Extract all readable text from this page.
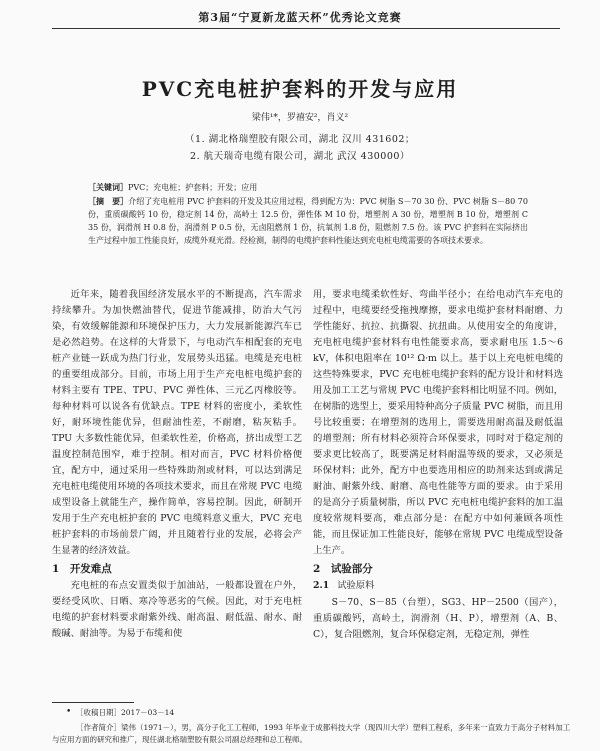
第3届“宁夏新龙蓝天杯”优秀论文竞赛
PVC充电桩护套料的开发与应用
梁伟¹*，罗禧安²，肖义²
（1. 湖北格瑞塑胶有限公司，湖北 汉川 431602；
2. 航天瑞奇电缆有限公司，湖北 武汉 430000）
［关键词］PVC；充电桩；护套料；开发；应用
［摘　要］介绍了充电桩用 PVC 护套料的开发及其应用过程，得到配方为：PVC 树脂 S－70 30 份、PVC 树脂 S－80 70 份，重质碳酸钙 10 份，稳定剂 14 份，高岭土 12.5 份，弹性体 M 10 份，增塑剂 A 30 份，增塑剂 B 10 份，增塑剂 C 35 份，润滑剂 H 0.8 份，润滑剂 P 0.5 份，无卤阻燃剂 1 份，抗氧剂 1.8 份，阻燃剂 7.5 份。该 PVC 护套料在实际挤出生产过程中加工性能良好，成缆外观光滑。经检测，制得的电缆护套料性能达到充电桩电缆需要的各项技术要求。

近年来，随着我国经济发展水平的不断提高，汽车需求持续攀升。为加快燃油替代，促进节能减排，防治大气污染，有效缓解能源和环境保护压力，大力发展新能源汽车已是必然趋势。在这样的大背景下，与电动汽车相配套的充电桩产业链一跃成为热门行业，发展势头迅猛。电缆是充电桩的重要组成部分。目前，市场上用于生产充电桩电缆护套的材料主要有 TPE、TPU、PVC 弹性体、三元乙丙橡胶等。每种材料可以说各有优缺点。TPE 材料的密度小，柔软性好，耐环境性能优异，但耐油性差，不耐磨，粘灰粘手。TPU 大多数性能优异，但柔软性差，价格高，挤出成型工艺温度控制范围窄，难于控制。相对而言，PVC 材料价格便宜，配方中，通过采用一些特殊助剂或材料，可以达到满足充电桩电缆使用环境的各项技术要求，而且在常规 PVC 电缆成型设备上就能生产，操作简单，容易控制。因此，研制开发用于生产充电桩护套的 PVC 电缆料意义重大，PVC 充电桩护套料的市场前景广阔，并且随着行业的发展，必将会产生显著的经济效益。

1　 开发难点

充电桩的布点安置类似于加油站，一般都设置在户外，要经受风吹、日晒、寒冷等恶劣的气候。因此，对于充电桩电缆的护套材料要求耐紫外线、耐高温、耐低温、耐水、耐酸碱、耐油等。为易于布缆和使

用，要求电缆柔软性好、弯曲半径小；在给电动汽车充电的过程中，电缆要经受拖拽摩擦，要求电缆护套材料耐磨、力学性能好、抗拉、抗撕裂、抗扭曲。从使用安全的角度讲，充电桩电缆护套材料有电性能要求高，要求耐电压 1.5～6 kV，体积电阻率在 10¹² Ω·m 以上。基于以上充电桩电缆的这些特殊要求，PVC 充电桩电缆护套料的配方设计和材料选用及加工工艺与常规 PVC 电缆护套料相比明显不同。例如，在树脂的选型上，要采用特种高分子质量 PVC 树脂，而且用号比较重要；在增塑剂的选用上，需要选用耐高温及耐低温的增塑剂；所有材料必须符合环保要求，同时对于稳定剂的要求更比较高了，既要满足材料耐温等级的要求，又必须是环保材料；此外，配方中也要选用相应的助剂来达到或满足耐油、耐紫外线、耐磨、高电性能等方面的要求。由于采用的是高分子质量树脂，所以 PVC 充电桩电缆护套料的加工温度较常规料要高，难点部分是：在配方中如何兼顾各项性能，而且保证加工性能良好，能够在常规 PVC 电缆成型设备上生产。

2　 试验部分
2.1 试验原料

S－70、S－85（台塑），SG3、HP－2500（国产），重质碳酸钙，高岭土，润滑剂（H、P），增塑剂（A、B、C），复合阻燃剂，复合环保稳定剂，无稳定剂，弹性

• ［收稿日期］2017－03－14
［作者简介］梁伟（1971－），男，高分子化工工程师，1993 年毕业于成都科技大学（现四川大学）塑料工程系，多年来一直致力于高分子材料加工与应用方面的研究和推广，现任湖北格瑞塑胶有限公司副总经理和总工程师。
